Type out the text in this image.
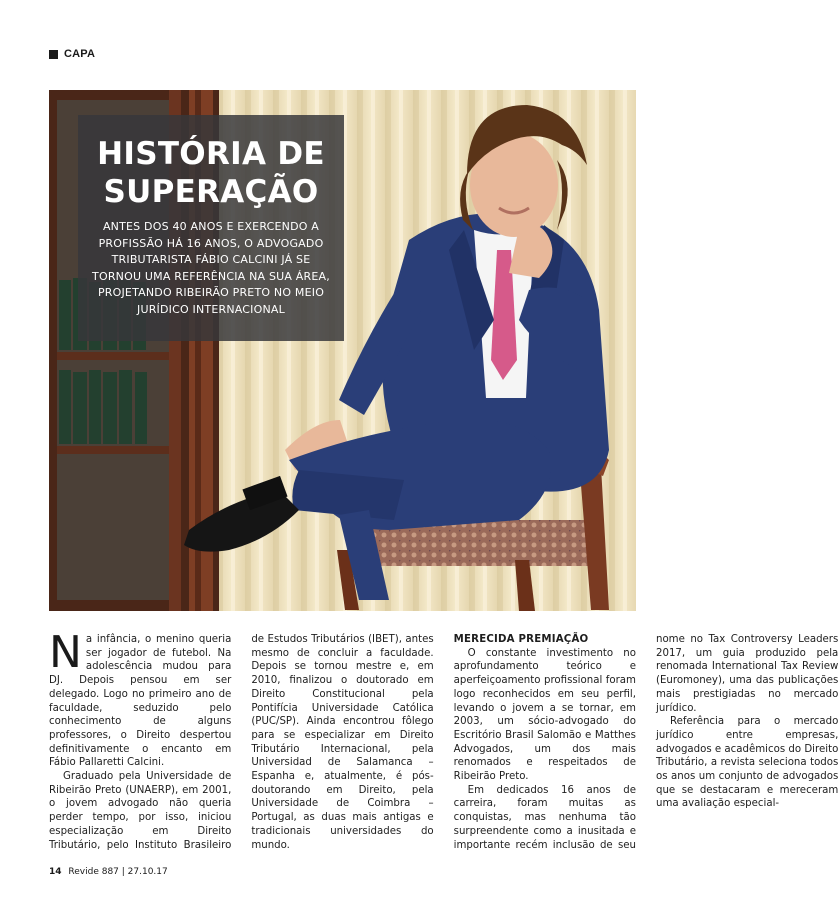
CAPA
HISTÓRIA DE
SUPERAÇÃO

ANTES DOS 40 ANOS E EXERCENDO A PROFISSÃO HÁ 16 ANOS, O ADVOGADO TRIBUTARISTA FÁBIO CALCINI JÁ SE TORNOU UMA REFERÊNCIA NA SUA ÁREA, PROJETANDO RIBEIRÃO PRETO NO MEIO JURÍDICO INTERNACIONAL

Na infância, o menino queria ser jogador de futebol. Na adolescência mudou para DJ. Depois pensou em ser delegado. Logo no primeiro ano de faculdade, seduzido pelo conhecimento de alguns professores, o Direito despertou definitivamente o encanto em Fábio Pallaretti Calcini.

Graduado pela Universidade de Ribeirão Preto (UNAERP), em 2001, o jovem advogado não queria perder tempo, por isso, iniciou especialização em Direito Tributário, pelo Instituto Brasileiro de Estudos Tributários (IBET), antes mesmo de concluir a faculdade. Depois se tornou mestre e, em 2010, finalizou o doutorado em Direito Constitucional pela Pontifícia Universidade Católica (PUC/SP). Ainda encontrou fôlego para se especializar em Direito Tributário Internacional, pela Universidad de Salamanca – Espanha e, atualmente, é pós-doutorando em Direito, pela Universidade de Coimbra – Portugal, as duas mais antigas e tradicionais universidades do mundo.

MERECIDA PREMIAÇÃO

O constante investimento no aprofundamento teórico e aperfeiçoamento profissional foram logo reconhecidos em seu perfil, levando o jovem a se tornar, em 2003, um sócio-advogado do Escritório Brasil Salomão e Matthes Advogados, um dos mais renomados e respeitados de Ribeirão Preto.

Em dedicados 16 anos de carreira, foram muitas as conquistas, mas nenhuma tão surpreendente como a inusitada e importante recém inclusão de seu nome no Tax Controversy Leaders 2017, um guia produzido pela renomada International Tax Review (Euromoney), uma das publicações mais prestigiadas no mercado jurídico.

Referência para o mercado jurídico entre empresas, advogados e acadêmicos do Direito Tributário, a revista seleciona todos os anos um conjunto de advogados que se destacaram e mereceram uma avaliação especial-

14 Revide 887 | 27.10.17
